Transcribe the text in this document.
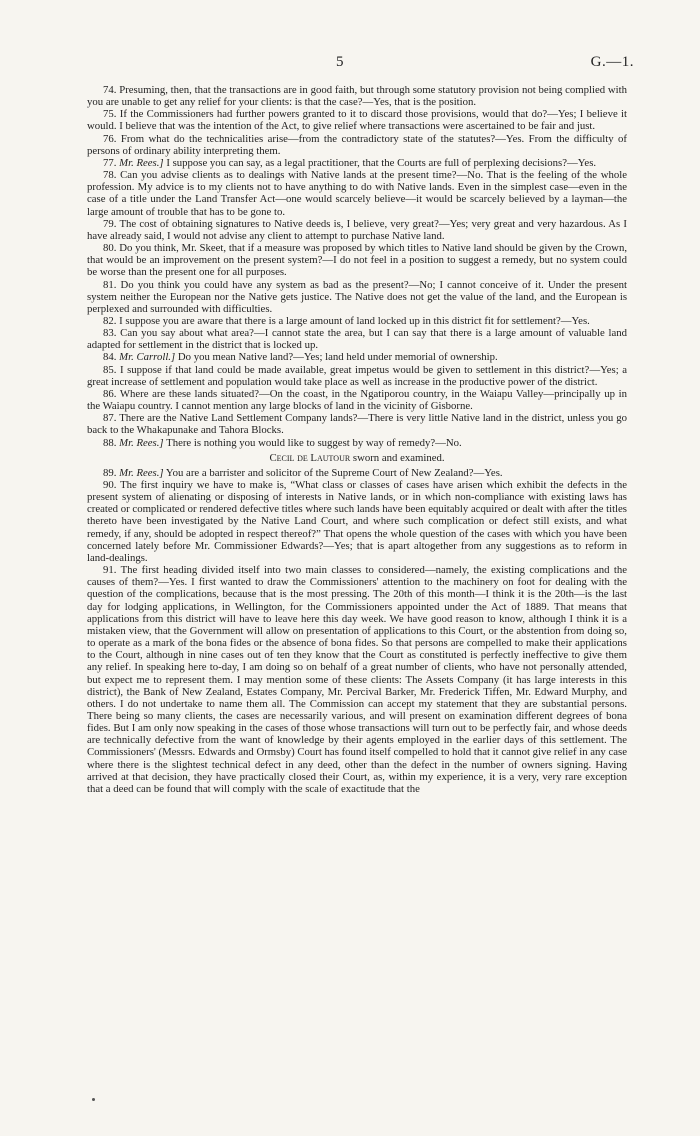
5	G.—1.

74. Presuming, then, that the transactions are in good faith, but through some statutory provision not being complied with you are unable to get any relief for your clients: is that the case?—Yes, that is the position.

75. If the Commissioners had further powers granted to it to discard those provisions, would that do?—Yes; I believe it would. I believe that was the intention of the Act, to give relief where transactions were ascertained to be fair and just.

76. From what do the technicalities arise—from the contradictory state of the statutes?—Yes. From the difficulty of persons of ordinary ability interpreting them.

77. Mr. Rees.] I suppose you can say, as a legal practitioner, that the Courts are full of perplexing decisions?—Yes.

78. Can you advise clients as to dealings with Native lands at the present time?—No. That is the feeling of the whole profession. My advice is to my clients not to have anything to do with Native lands. Even in the simplest case—even in the case of a title under the Land Transfer Act—one would scarcely believe—it would be scarcely believed by a layman—the large amount of trouble that has to be gone to.

79. The cost of obtaining signatures to Native deeds is, I believe, very great?—Yes; very great and very hazardous. As I have already said, I would not advise any client to attempt to purchase Native land.

80. Do you think, Mr. Skeet, that if a measure was proposed by which titles to Native land should be given by the Crown, that would be an improvement on the present system?—I do not feel in a position to suggest a remedy, but no system could be worse than the present one for all purposes.

81. Do you think you could have any system as bad as the present?—No; I cannot conceive of it. Under the present system neither the European nor the Native gets justice. The Native does not get the value of the land, and the European is perplexed and surrounded with difficulties.

82. I suppose you are aware that there is a large amount of land locked up in this district fit for settlement?—Yes.

83. Can you say about what area?—I cannot state the area, but I can say that there is a large amount of valuable land adapted for settlement in the district that is locked up.

84. Mr. Carroll.] Do you mean Native land?—Yes; land held under memorial of ownership.

85. I suppose if that land could be made available, great impetus would be given to settlement in this district?—Yes; a great increase of settlement and population would take place as well as increase in the productive power of the district.

86. Where are these lands situated?—On the coast, in the Ngatiporou country, in the Waiapu Valley—principally up in the Waiapu country. I cannot mention any large blocks of land in the vicinity of Gisborne.

87. There are the Native Land Settlement Company lands?—There is very little Native land in the district, unless you go back to the Whakapunake and Tahora Blocks.

88. Mr. Rees.] There is nothing you would like to suggest by way of remedy?—No.

Cecil de Lautour sworn and examined.

89. Mr. Rees.] You are a barrister and solicitor of the Supreme Court of New Zealand?—Yes.

90. The first inquiry we have to make is, “What class or classes of cases have arisen which exhibit the defects in the present system of alienating or disposing of interests in Native lands, or in which non-compliance with existing laws has created or complicated or rendered defective titles where such lands have been equitably acquired or dealt with after the titles thereto have been investigated by the Native Land Court, and where such complication or defect still exists, and what remedy, if any, should be adopted in respect thereof?” That opens the whole question of the cases with which you have been concerned lately before Mr. Commissioner Edwards?—Yes; that is apart altogether from any suggestions as to reform in land-dealings.

91. The first heading divided itself into two main classes to considered—namely, the existing complications and the causes of them?—Yes. I first wanted to draw the Commissioners' attention to the machinery on foot for dealing with the question of the complications, because that is the most pressing. The 20th of this month—I think it is the 20th—is the last day for lodging applications, in Wellington, for the Commissioners appointed under the Act of 1889. That means that applications from this district will have to leave here this day week. We have good reason to know, although I think it is a mistaken view, that the Government will allow on presentation of applications to this Court, or the abstention from doing so, to operate as a mark of the bona fides or the absence of bona fides. So that persons are compelled to make their applications to the Court, although in nine cases out of ten they know that the Court as constituted is perfectly ineffective to give them any relief. In speaking here to-day, I am doing so on behalf of a great number of clients, who have not personally attended, but expect me to represent them. I may mention some of these clients: The Assets Company (it has large interests in this district), the Bank of New Zealand, Estates Company, Mr. Percival Barker, Mr. Frederick Tiffen, Mr. Edward Murphy, and others. I do not undertake to name them all. The Commission can accept my statement that they are substantial persons. There being so many clients, the cases are necessarily various, and will present on examination different degrees of bona fides. But I am only now speaking in the cases of those whose transactions will turn out to be perfectly fair, and whose deeds are technically defective from the want of knowledge by their agents employed in the earlier days of this settlement. The Commissioners' (Messrs. Edwards and Ormsby) Court has found itself compelled to hold that it cannot give relief in any case where there is the slightest technical defect in any deed, other than the defect in the number of owners signing. Having arrived at that decision, they have practically closed their Court, as, within my experience, it is a very, very rare exception that a deed can be found that will comply with the scale of exactitude that the
